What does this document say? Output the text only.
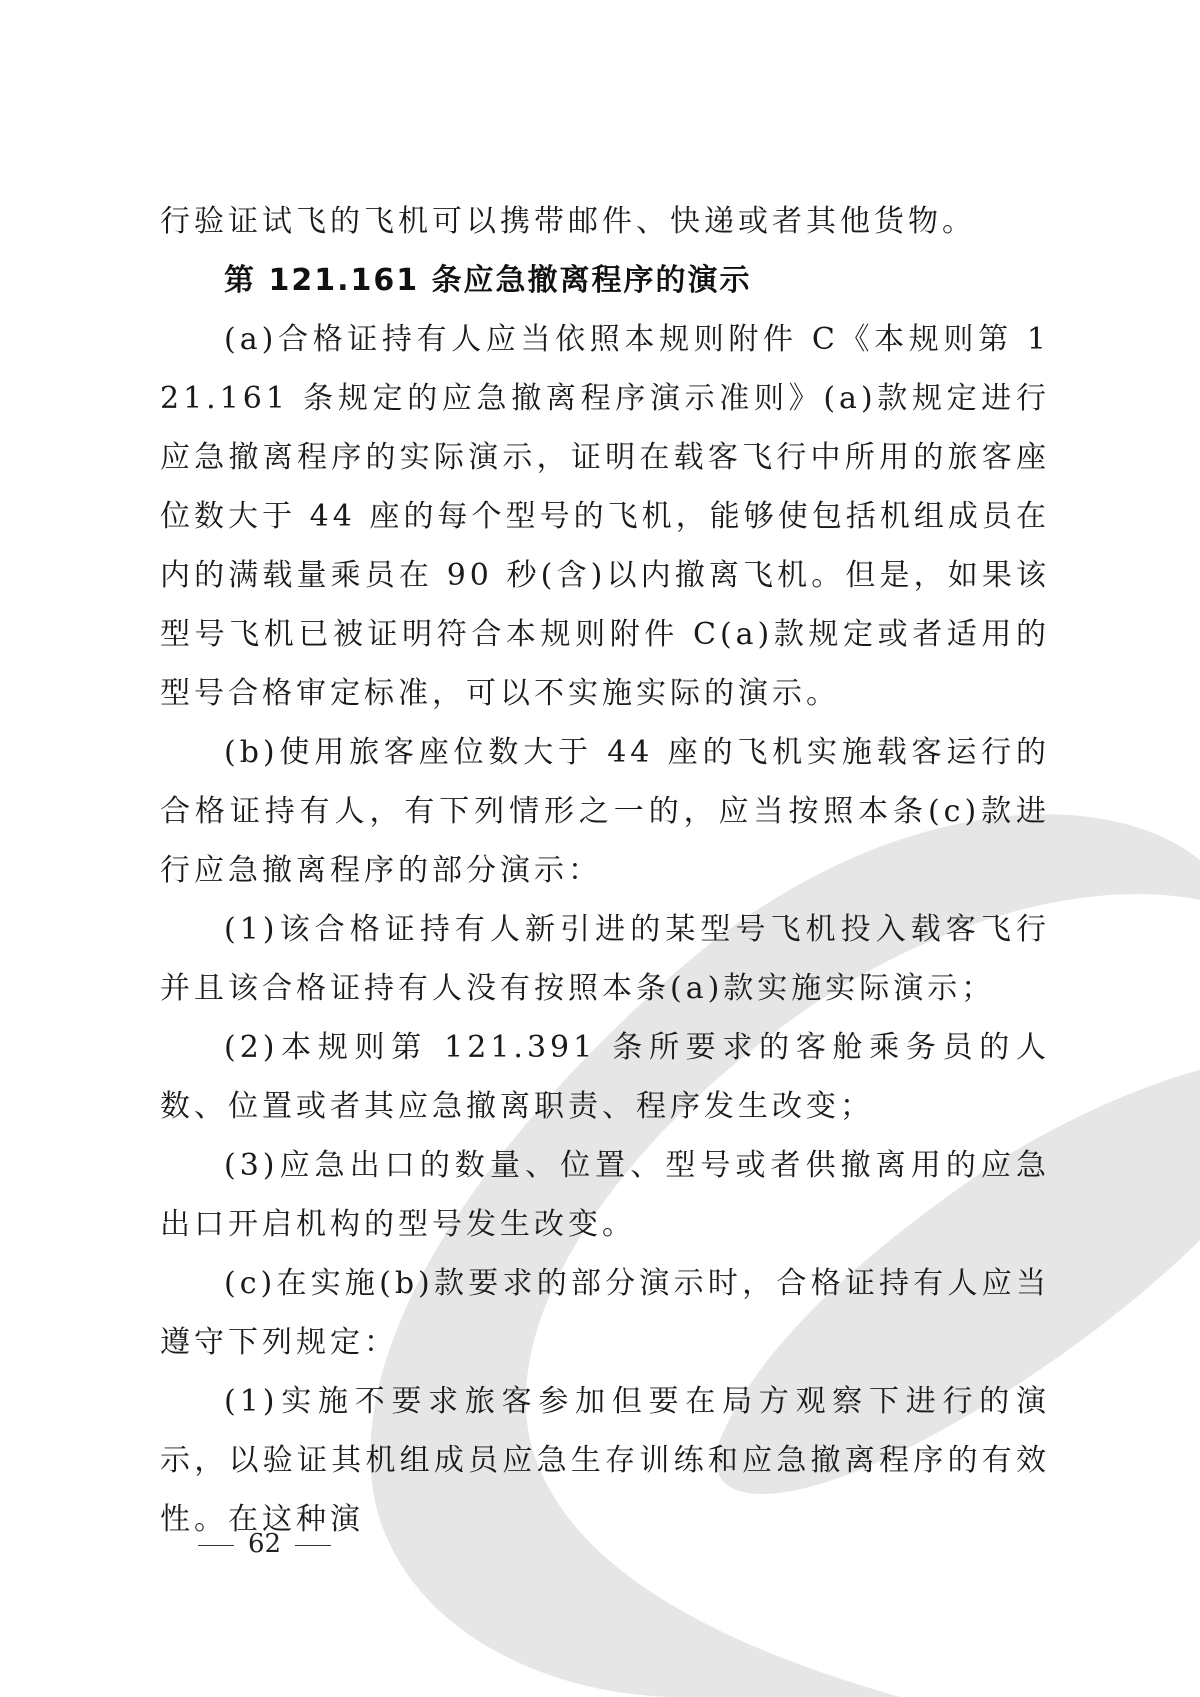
行验证试飞的飞机可以携带邮件、快递或者其他货物。

第 121.161 条应急撤离程序的演示

(a)合格证持有人应当依照本规则附件 C《本规则第 121.161 条规定的应急撤离程序演示准则》(a)款规定进行应急撤离程序的实际演示，证明在载客飞行中所用的旅客座位数大于 44 座的每个型号的飞机，能够使包括机组成员在内的满载量乘员在 90 秒(含)以内撤离飞机。但是，如果该型号飞机已被证明符合本规则附件 C(a)款规定或者适用的型号合格审定标准，可以不实施实际的演示。

(b)使用旅客座位数大于 44 座的飞机实施载客运行的合格证持有人，有下列情形之一的，应当按照本条(c)款进行应急撤离程序的部分演示：

(1)该合格证持有人新引进的某型号飞机投入载客飞行并且该合格证持有人没有按照本条(a)款实施实际演示；

(2)本规则第 121.391 条所要求的客舱乘务员的人数、位置或者其应急撤离职责、程序发生改变；

(3)应急出口的数量、位置、型号或者供撤离用的应急出口开启机构的型号发生改变。

(c)在实施(b)款要求的部分演示时，合格证持有人应当遵守下列规定：

(1)实施不要求旅客参加但要在局方观察下进行的演示，以验证其机组成员应急生存训练和应急撤离程序的有效性。在这种演

62
